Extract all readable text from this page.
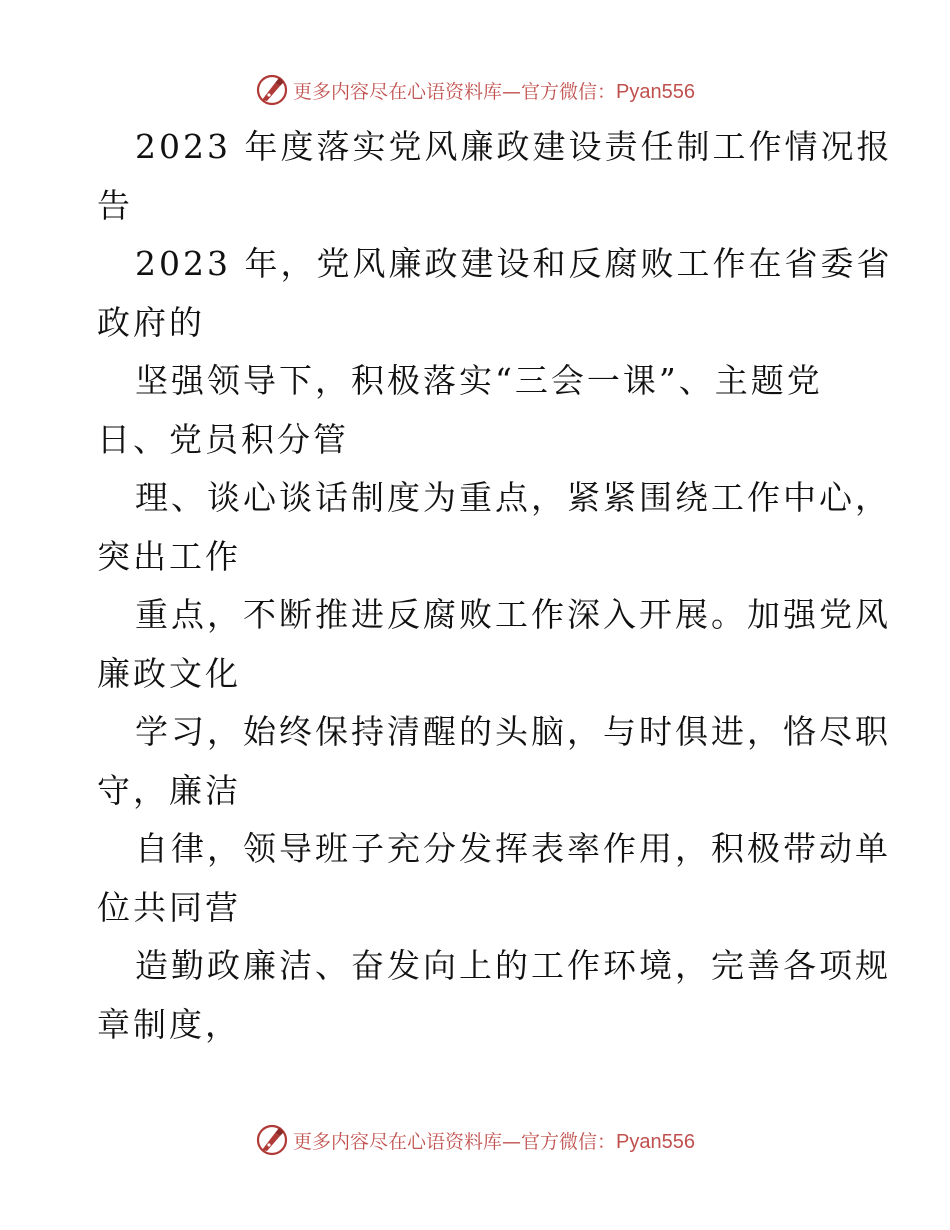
更多内容尽在心语资料库—官方微信：Pyan556
2023 年度落实党风廉政建设责任制工作情况报
告
2023 年，党风廉政建设和反腐败工作在省委省
政府的
坚强领导下，积极落实“三会一课”、主题党
日、党员积分管
理、谈心谈话制度为重点，紧紧围绕工作中心，
突出工作
重点，不断推进反腐败工作深入开展。加强党风
廉政文化
学习，始终保持清醒的头脑，与时俱进，恪尽职
守，廉洁
自律，领导班子充分发挥表率作用，积极带动单
位共同营
造勤政廉洁、奋发向上的工作环境，完善各项规
章制度，
更多内容尽在心语资料库—官方微信：Pyan556
